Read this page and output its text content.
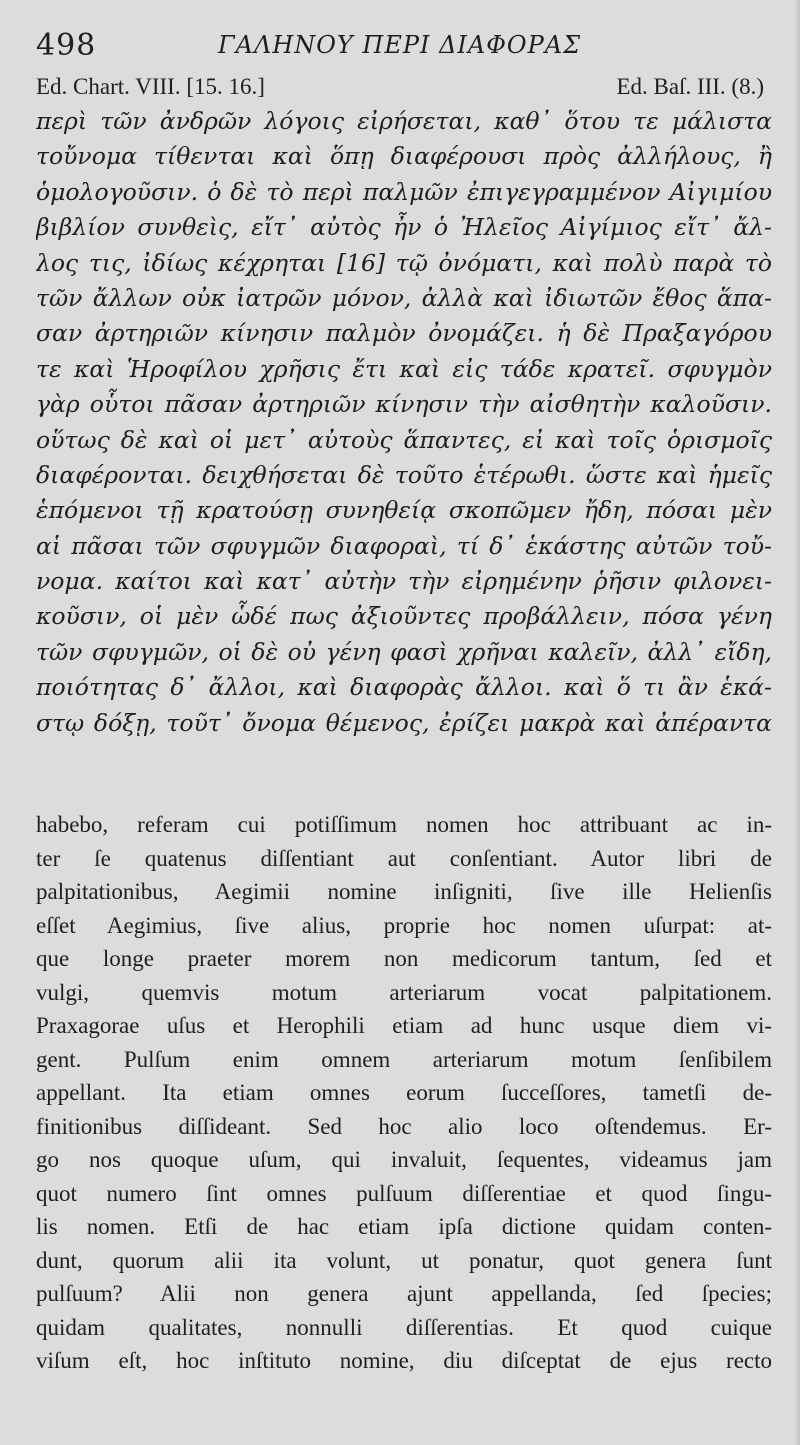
498	ΓΑΛΗΝΟΥ ΠΕΡΙ ΔΙΑΦΟΡΑΣ
Ed. Chart. VIII. [15. 16.]	Ed. Baſ. III. (8.)
περὶ τῶν ἀνδρῶν λόγοις εἰρήσεται, καθ᾿ ὅτου τε μάλιστα
τοὔνομα τίθενται καὶ ὅπῃ διαφέρουσι πρὸς ἀλλήλους, ἢ
ὁμολογοῦσιν. ὁ δὲ τὸ περὶ παλμῶν ἐπιγεγραμμένον Αἰγιμίου
βιβλίον συνθεὶς, εἴτ᾿ αὐτὸς ἦν ὁ Ἠλεῖος Αἰγίμιος εἴτ᾿ ἄλ-
λος τις, ἰδίως κέχρηται [16] τῷ ὀνόματι, καὶ πολὺ παρὰ τὸ
τῶν ἄλλων οὐκ ἰατρῶν μόνον, ἀλλὰ καὶ ἰδιωτῶν ἔθος ἅπα-
σαν ἀρτηριῶν κίνησιν παλμὸν ὀνομάζει. ἡ δὲ Πραξαγόρου
τε καὶ Ἡροφίλου χρῆσις ἔτι καὶ εἰς τάδε κρατεῖ. σφυγμὸν
γὰρ οὗτοι πᾶσαν ἀρτηριῶν κίνησιν τὴν αἰσθητὴν καλοῦσιν.
οὕτως δὲ καὶ οἱ μετ᾿ αὐτοὺς ἅπαντες, εἰ καὶ τοῖς ὁρισμοῖς
διαφέρονται. δειχθήσεται δὲ τοῦτο ἑτέρωθι. ὥστε καὶ ἡμεῖς
ἑπόμενοι τῇ κρατούσῃ συνηθείᾳ σκοπῶμεν ἤδη, πόσαι μὲν
αἱ πᾶσαι τῶν σφυγμῶν διαφοραὶ, τί δ᾿ ἑκάστης αὐτῶν τοὔ-
νομα. καίτοι καὶ κατ᾿ αὐτὴν τὴν εἰρημένην ῥῆσιν φιλονει-
κοῦσιν, οἱ μὲν ὧδέ πως ἀξιοῦντες προβάλλειν, πόσα γένη
τῶν σφυγμῶν, οἱ δὲ οὐ γένη φασὶ χρῆναι καλεῖν, ἀλλ᾿ εἴδη,
ποιότητας δ᾿ ἄλλοι, καὶ διαφορὰς ἄλλοι. καὶ ὅ τι ἂν ἑκά-
στῳ δόξῃ, τοῦτ᾿ ὄνομα θέμενος, ἐρίζει μακρὰ καὶ ἀπέραντα
habebo, referam cui potiſſimum nomen hoc attribuant ac in-
ter ſe quatenus diſſentiant aut conſentiant. Autor libri de
palpitationibus, Aegimii nomine inſigniti, ſive ille Helienſis
eſſet Aegimius, ſive alius, proprie hoc nomen uſurpat: at-
que longe praeter morem non medicorum tantum, ſed et
vulgi, quemvis motum arteriarum vocat palpitationem.
Praxagorae uſus et Herophili etiam ad hunc usque diem vi-
gent. Pulſum enim omnem arteriarum motum ſenſibilem
appellant. Ita etiam omnes eorum ſucceſſores, tametſi de-
finitionibus diſſideant. Sed hoc alio loco oſtendemus. Er-
go nos quoque uſum, qui invaluit, ſequentes, videamus jam
quot numero ſint omnes pulſuum diſſerentiae et quod ſingu-
lis nomen. Etſi de hac etiam ipſa dictione quidam conten-
dunt, quorum alii ita volunt, ut ponatur, quot genera ſunt
pulſuum? Alii non genera ajunt appellanda, ſed ſpecies;
quidam qualitates, nonnulli diſſerentias. Et quod cuique
viſum eſt, hoc inſtituto nomine, diu diſceptat de ejus recto
